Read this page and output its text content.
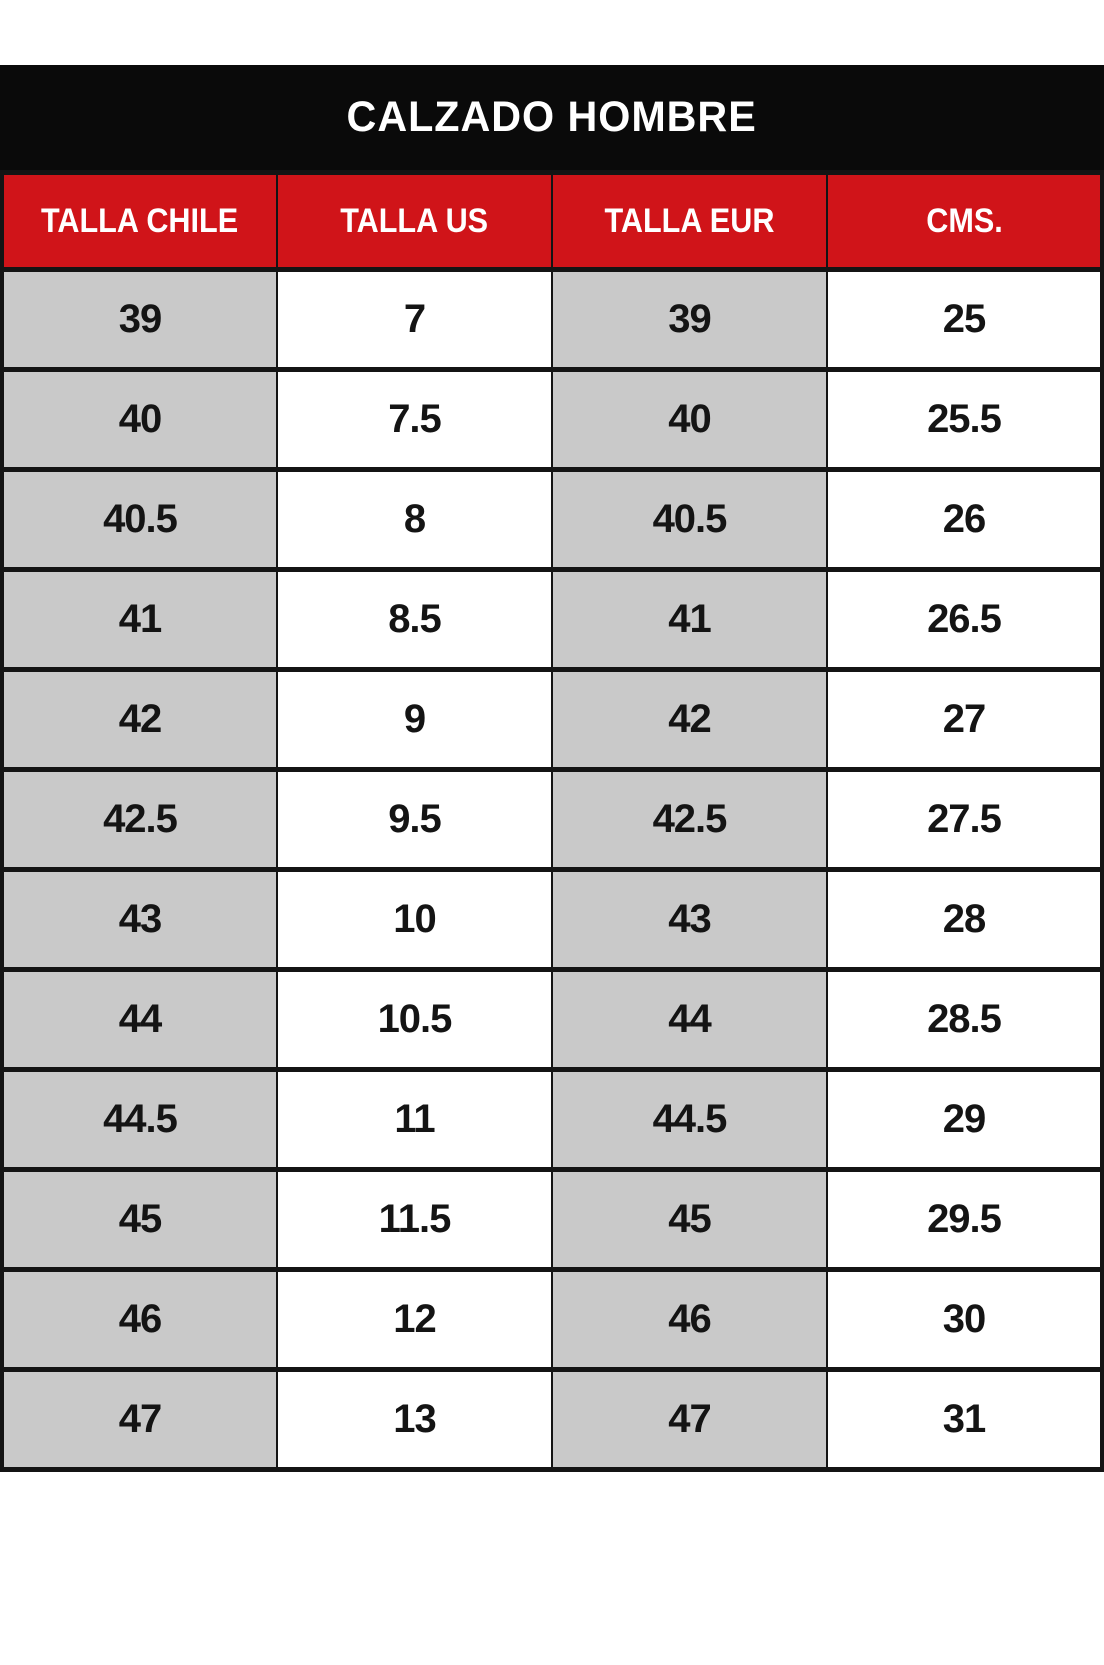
CALZADO HOMBRE
TALLA CHILE	TALLA US	TALLA EUR	CMS.
39	7	39	25
40	7.5	40	25.5
40.5	8	40.5	26
41	8.5	41	26.5
42	9	42	27
42.5	9.5	42.5	27.5
43	10	43	28
44	10.5	44	28.5
44.5	11	44.5	29
45	11.5	45	29.5
46	12	46	30
47	13	47	31
